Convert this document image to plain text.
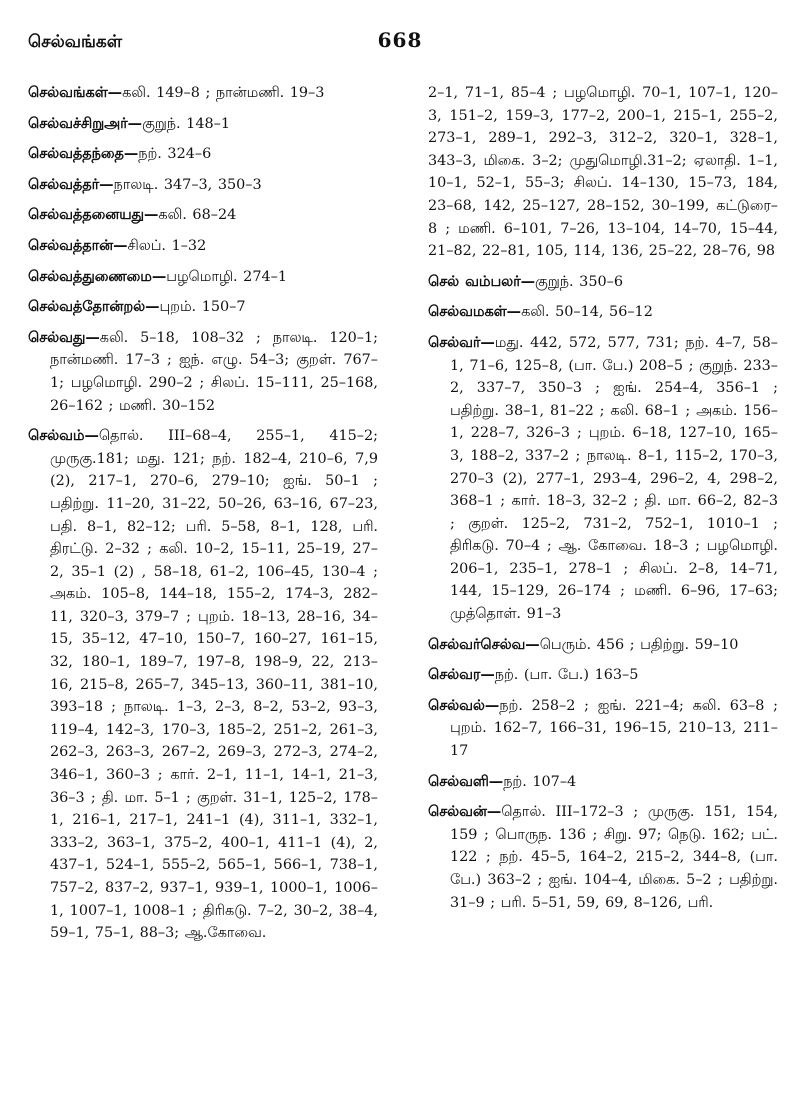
செல்வங்கள்	668

செல்வங்கள்—கலி. 149–8 ; நான்மணி. 19–3

செல்வச்சிறுஅர்—குறுந். 148–1

செல்வத்தந்தை—நற். 324–6

செல்வத்தர்—நாலடி. 347–3, 350–3

செல்வத்தனையது—கலி. 68–24

செல்வத்தான்—சிலப். 1–32

செல்வத்துணைமை—பழமொழி. 274–1

செல்வத்தோன்றல்—புறம். 150–7

செல்வது—கலி. 5–18, 108–32 ; நாலடி. 120–1; நான்மணி. 17–3 ; ஐந். எழு. 54–3; குறள். 767–1; பழமொழி. 290–2 ; சிலப். 15–111, 25–168, 26–162 ; மணி. 30–152

செல்வம்—தொல். III–68–4, 255–1, 415–2; முருகு.181; மது. 121; நற். 182–4, 210–6, 7,9 (2), 217–1, 270–6, 279–10; ஐங். 50–1 ; பதிற்று. 11–20, 31–22, 50–26, 63–16, 67–23, பதி. 8–1, 82–12; பரி. 5–58, 8–1, 128, பரி. திரட்டு. 2–32 ; கலி. 10–2, 15–11, 25–19, 27–2, 35–1 (2) , 58–18, 61–2, 106–45, 130–4 ; அகம். 105–8, 144–18, 155–2, 174–3, 282–11, 320–3, 379–7 ; புறம். 18–13, 28–16, 34–15, 35–12, 47–10, 150–7, 160–27, 161–15, 32, 180–1, 189–7, 197–8, 198–9, 22, 213–16, 215–8, 265–7, 345–13, 360–11, 381–10, 393–18 ; நாலடி. 1–3, 2–3, 8–2, 53–2, 93–3, 119–4, 142–3, 170–3, 185–2, 251–2, 261–3, 262–3, 263–3, 267–2, 269–3, 272–3, 274–2, 346–1, 360–3 ; கார். 2–1, 11–1, 14–1, 21–3, 36–3 ; தி. மா. 5–1 ; குறள். 31–1, 125–2, 178–1, 216–1, 217–1, 241–1 (4), 311–1, 332–1, 333–2, 363–1, 375–2, 400–1, 411–1 (4), 2, 437–1, 524–1, 555–2, 565–1, 566–1, 738–1, 757–2, 837–2, 937–1, 939–1, 1000–1, 1006–1, 1007–1, 1008–1 ; திரிகடு. 7–2, 30–2, 38–4, 59–1, 75–1, 88–3; ஆ.கோவை.

2–1, 71–1, 85–4 ; பழமொழி. 70–1, 107–1, 120–3, 151–2, 159–3, 177–2, 200–1, 215–1, 255–2, 273–1, 289–1, 292–3, 312–2, 320–1, 328–1, 343–3, மிகை. 3–2; முதுமொழி.31–2; ஏலாதி. 1–1, 10–1, 52–1, 55–3; சிலப். 14–130, 15–73, 184, 23–68, 142, 25–127, 28–152, 30–199, கட்டுரை–8 ; மணி. 6–101, 7–26, 13–104, 14–70, 15–44, 21–82, 22–81, 105, 114, 136, 25–22, 28–76, 98

செல் வம்பலர்—குறுந். 350–6

செல்வமகள்—கலி. 50–14, 56–12

செல்வர்—மது. 442, 572, 577, 731; நற். 4–7, 58–1, 71–6, 125–8, (பா. பே.) 208–5 ; குறுந். 233–2, 337–7, 350–3 ; ஐங். 254–4, 356–1 ; பதிற்று. 38–1, 81–22 ; கலி. 68–1 ; அகம். 156–1, 228–7, 326–3 ; புறம். 6–18, 127–10, 165–3, 188–2, 337–2 ; நாலடி. 8–1, 115–2, 170–3, 270–3 (2), 277–1, 293–4, 296–2, 4, 298–2, 368–1 ; கார். 18–3, 32–2 ; தி. மா. 66–2, 82–3 ; குறள். 125–2, 731–2, 752–1, 1010–1 ; திரிகடு. 70–4 ; ஆ. கோவை. 18–3 ; பழமொழி. 206–1, 235–1, 278–1 ; சிலப். 2–8, 14–71, 144, 15–129, 26–174 ; மணி. 6–96, 17–63; முத்தொள். 91–3

செல்வர்செல்வ—பெரும். 456 ; பதிற்று. 59–10

செல்வர—நற். (பா. பே.) 163–5

செல்வல்—நற். 258–2 ; ஐங். 221–4; கலி. 63–8 ; புறம். 162–7, 166–31, 196–15, 210–13, 211–17

செல்வளி—நற். 107–4

செல்வன்—தொல். III–172–3 ; முருகு. 151, 154, 159 ; பொருந. 136 ; சிறு. 97; நெடு. 162; பட். 122 ; நற். 45–5, 164–2, 215–2, 344–8, (பா. பே.) 363–2 ; ஐங். 104–4, மிகை. 5–2 ; பதிற்று. 31–9 ; பரி. 5–51, 59, 69, 8–126, பரி.
